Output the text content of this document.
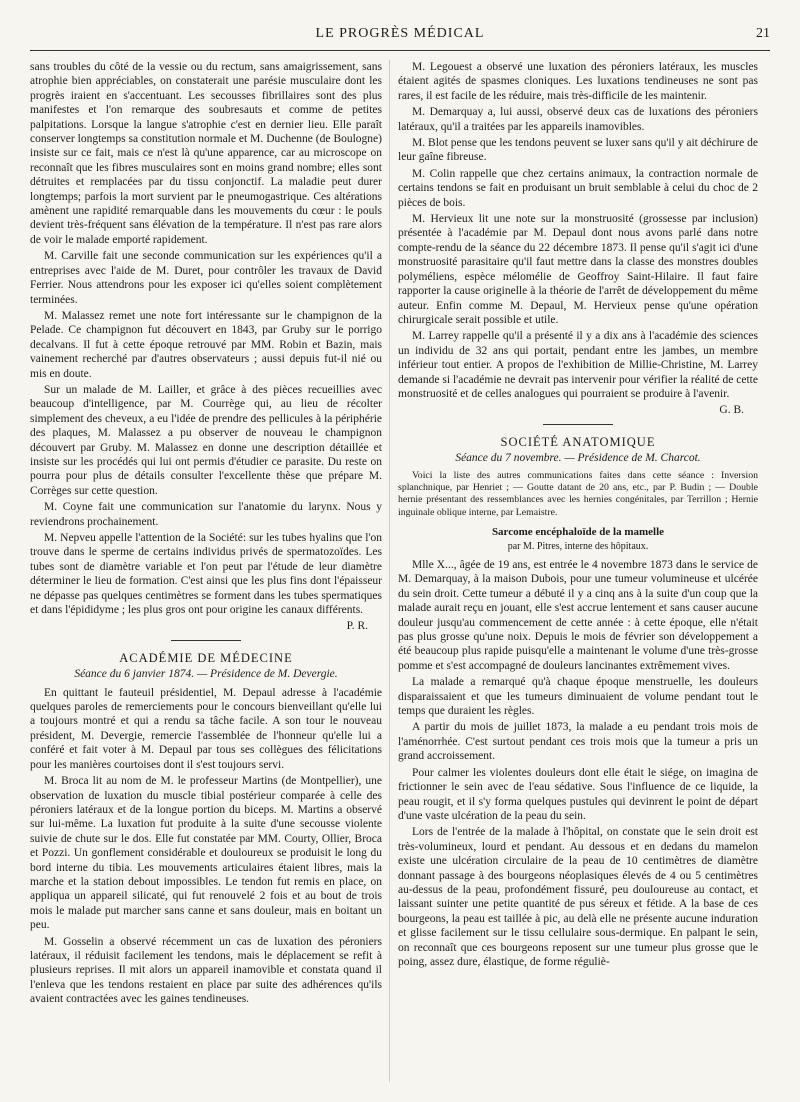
LE PROGRÈS MÉDICAL	21

sans troubles du côté de la vessie ou du rectum, sans amaigrissement, sans atrophie bien appréciables, on constaterait une parésie musculaire dont les progrès iraient en s'accentuant. Les secousses fibrillaires sont des plus manifestes et l'on remarque des soubresauts et comme de petites palpitations. Lorsque la langue s'atrophie c'est en dernier lieu. Elle paraît conserver longtemps sa constitution normale et M. Duchenne (de Boulogne) insiste sur ce fait, mais ce n'est là qu'une apparence, car au microscope on reconnaît que les fibres musculaires sont en moins grand nombre; elles sont détruites et remplacées par du tissu conjonctif. La maladie peut durer longtemps; parfois la mort survient par le pneumogastrique. Ces altérations amènent une rapidité remarquable dans les mouvements du cœur : le pouls devient très-fréquent sans élévation de la température. Il n'est pas rare alors de voir le malade emporté rapidement.

M. Carville fait une seconde communication sur les expériences qu'il a entreprises avec l'aide de M. Duret, pour contrôler les travaux de David Ferrier. Nous attendrons pour les exposer ici qu'elles soient complètement terminées.

M. Malassez remet une note fort intéressante sur le champignon de la Pelade. Ce champignon fut découvert en 1843, par Gruby sur le porrigo decalvans. Il fut à cette époque retrouvé par MM. Robin et Bazin, mais vainement recherché par d'autres observateurs ; aussi depuis fut-il nié ou mis en doute.

Sur un malade de M. Lailler, et grâce à des pièces recueillies avec beaucoup d'intelligence, par M. Courrège qui, au lieu de récolter simplement des cheveux, a eu l'idée de prendre des pellicules à la périphérie des plaques, M. Malassez a pu observer de nouveau le champignon découvert par Gruby. M. Malassez en donne une description détaillée et insiste sur les procédés qui lui ont permis d'étudier ce parasite. Du reste on pourra pour plus de détails consulter l'excellente thèse que prépare M. Corrèges sur cette question.

M. Coyne fait une communication sur l'anatomie du larynx. Nous y reviendrons prochainement.

M. Nepveu appelle l'attention de la Société: sur les tubes hyalins que l'on trouve dans le sperme de certains individus privés de spermatozoïdes. Les tubes sont de diamètre variable et l'on peut par l'étude de leur diamètre déterminer le lieu de formation. C'est ainsi que les plus fins dont l'épaisseur ne dépasse pas quelques centimètres se forment dans les tubes spermatiques et dans l'épididyme ; les plus gros ont pour origine les canaux différents.

P. R.

ACADÉMIE DE MÉDECINE

Séance du 6 janvier 1874. — Présidence de M. Devergie.

En quittant le fauteuil présidentiel, M. Depaul adresse à l'académie quelques paroles de remerciements pour le concours bienveillant qu'elle lui a toujours montré et qui a rendu sa tâche facile. A son tour le nouveau président, M. Devergie, remercie l'assemblée de l'honneur qu'elle lui a conféré et fait voter à M. Depaul par tous ses collègues des félicitations pour les manières courtoises dont il s'est toujours servi.

M. Broca lit au nom de M. le professeur Martins (de Montpellier), une observation de luxation du muscle tibial postérieur comparée à celle des péroniers latéraux et de la longue portion du biceps. M. Martins a observé sur lui-même. La luxation fut produite à la suite d'une secousse violente suivie de chute sur le dos. Elle fut constatée par MM. Courty, Ollier, Broca et Pozzi. Un gonflement considérable et douloureux se produisit le long du bord interne du tibia. Les mouvements articulaires étaient libres, mais la marche et la station debout impossibles. Le tendon fut remis en place, on appliqua un appareil silicaté, qui fut renouvelé 2 fois et au bout de trois mois le malade put marcher sans canne et sans douleur, mais en boitant un peu.

M. Gosselin a observé récemment un cas de luxation des péroniers latéraux, il réduisit facilement les tendons, mais le déplacement se refit à plusieurs reprises. Il mit alors un appareil inamovible et constata quand il l'enleva que les tendons restaient en place par suite des adhérences qu'ils avaient contractées avec les gaines tendineuses.

M. Legouest a observé une luxation des péroniers latéraux, les muscles étaient agités de spasmes cloniques. Les luxations tendineuses ne sont pas rares, il est facile de les réduire, mais très-difficile de les maintenir.

M. Demarquay a, lui aussi, observé deux cas de luxations des péroniers latéraux, qu'il a traitées par les appareils inamovibles.

M. Blot pense que les tendons peuvent se luxer sans qu'il y ait déchirure de leur gaîne fibreuse.

M. Colin rappelle que chez certains animaux, la contraction normale de certains tendons se fait en produisant un bruit semblable à celui du choc de 2 pièces de bois.

M. Hervieux lit une note sur la monstruosité (grossesse par inclusion) présentée à l'académie par M. Depaul dont nous avons parlé dans notre compte-rendu de la séance du 22 décembre 1873. Il pense qu'il s'agit ici d'une monstruosité parasitaire qu'il faut mettre dans la classe des monstres doubles polyméliens, espèce mélomélie de Geoffroy Saint-Hilaire. Il faut faire rapporter la cause originelle à la théorie de l'arrêt de développement du même auteur. Enfin comme M. Depaul, M. Hervieux pense qu'une opération chirurgicale serait possible et utile.

M. Larrey rappelle qu'il a présenté il y a dix ans à l'académie des sciences un individu de 32 ans qui portait, pendant entre les jambes, un membre inférieur tout entier. A propos de l'exhibition de Millie-Christine, M. Larrey demande si l'académie ne devrait pas intervenir pour vérifier la réalité de cette monstruosité et de celles analogues qui pourraient se produire à l'avenir.

G. B.

SOCIÉTÉ ANATOMIQUE

Séance du 7 novembre. — Présidence de M. Charcot.

Voici la liste des autres communications faites dans cette séance : Inversion splanchnique, par Henriet ; — Goutte datant de 20 ans, etc., par P. Budin ; — Double hernie présentant des ressemblances avec les hernies congénitales, par Terrillon ; Hernie inguinale oblique interne, par Lemaistre.

Sarcome encéphaloïde de la mamelle

par M. Pitres, interne des hôpitaux.

Mlle X..., âgée de 19 ans, est entrée le 4 novembre 1873 dans le service de M. Demarquay, à la maison Dubois, pour une tumeur volumineuse et ulcérée du sein droit. Cette tumeur a débuté il y a cinq ans à la suite d'un coup que la malade aurait reçu en jouant, elle s'est accrue lentement et sans causer aucune douleur jusqu'au commencement de cette année : à cette époque, elle n'était pas plus grosse qu'une noix. Depuis le mois de février son développement a été beaucoup plus rapide puisqu'elle a maintenant le volume d'une très-grosse pomme et s'est accompagné de douleurs lancinantes extrêmement vives.

La malade a remarqué qu'à chaque époque menstruelle, les douleurs disparaissaient et que les tumeurs diminuaient de volume pendant tout le temps que duraient les règles.

A partir du mois de juillet 1873, la malade a eu pendant trois mois de l'aménorrhée. C'est surtout pendant ces trois mois que la tumeur a pris un grand accroissement.

Pour calmer les violentes douleurs dont elle était le siége, on imagina de frictionner le sein avec de l'eau sédative. Sous l'influence de ce liquide, la peau rougit, et il s'y forma quelques pustules qui devinrent le point de départ d'une vaste ulcération de la peau du sein.

Lors de l'entrée de la malade à l'hôpital, on constate que le sein droit est très-volumineux, lourd et pendant. Au dessous et en dedans du mamelon existe une ulcération circulaire de la peau de 10 centimètres de diamètre donnant passage à des bourgeons néoplasiques élevés de 4 ou 5 centimètres au-dessus de la peau, profondément fissuré, peu douloureuse au contact, et laissant suinter une petite quantité de pus séreux et fétide. A la base de ces bourgeons, la peau est taillée à pic, au delà elle ne présente aucune induration et glisse facilement sur le tissu cellulaire sous-dermique. En palpant le sein, on reconnaît que ces bourgeons reposent sur une tumeur plus grosse que le poing, assez dure, élastique, de forme réguliè-
